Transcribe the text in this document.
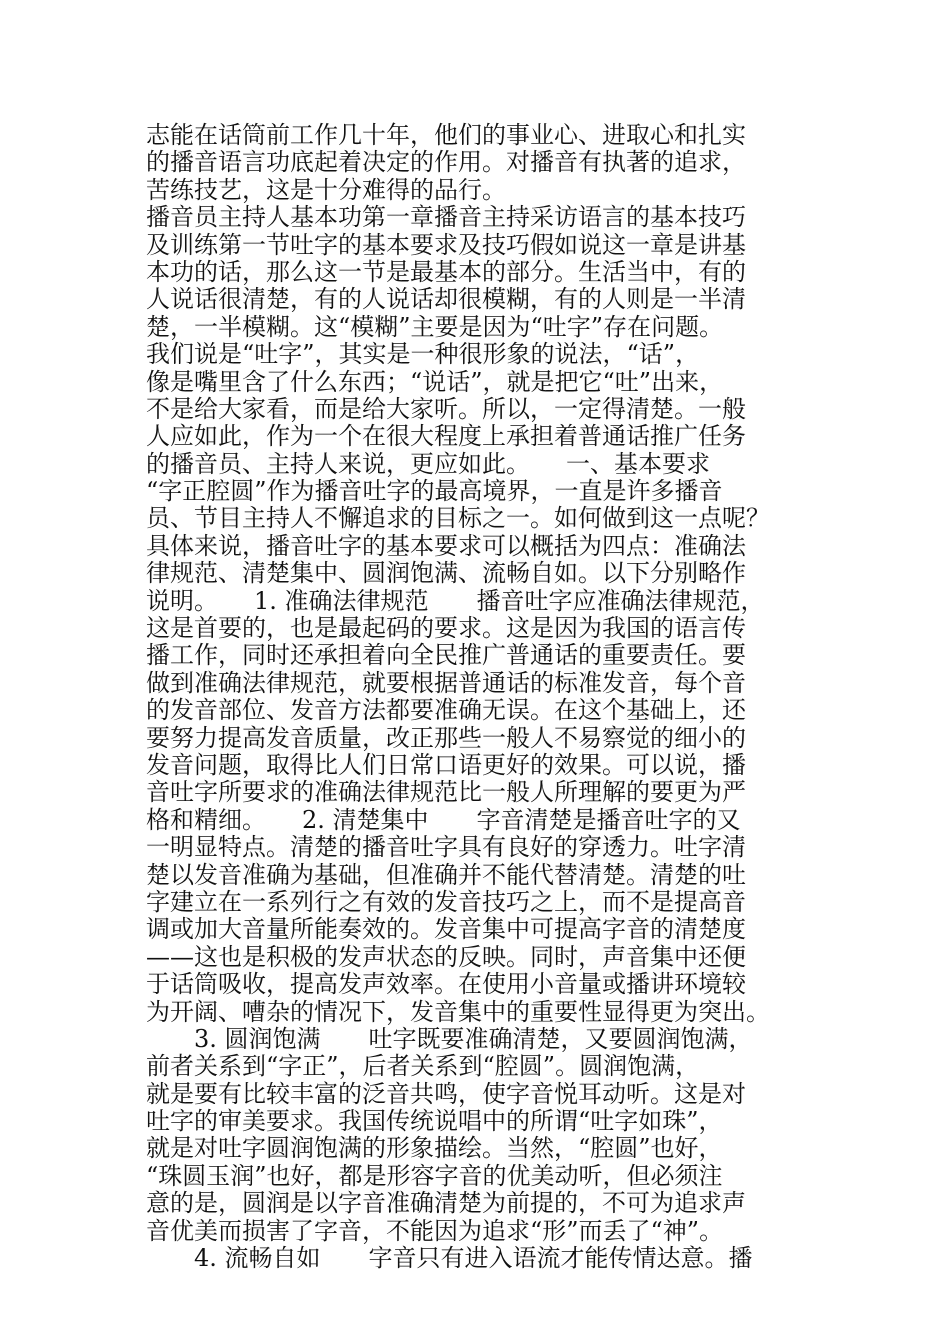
志能在话筒前工作几十年，他们的事业心、进取心和扎实
的播音语言功底起着决定的作用。对播音有执著的追求，
苦练技艺，这是十分难得的品行。
播音员主持人基本功第一章播音主持采访语言的基本技巧
及训练第一节吐字的基本要求及技巧假如说这一章是讲基
本功的话，那么这一节是最基本的部分。生活当中，有的
人说话很清楚，有的人说话却很模糊，有的人则是一半清
楚，一半模糊。这“模糊”主要是因为“吐字”存在问题。
我们说是“吐字”，其实是一种很形象的说法，“话”，
像是嘴里含了什么东西；“说话”，就是把它“吐”出来，
不是给大家看，而是给大家听。所以，一定得清楚。一般
人应如此，作为一个在很大程度上承担着普通话推广任务
的播音员、主持人来说，更应如此。　　一、基本要求
“字正腔圆”作为播音吐字的最高境界，一直是许多播音
员、节目主持人不懈追求的目标之一。如何做到这一点呢？
具体来说，播音吐字的基本要求可以概括为四点：准确法
律规范、清楚集中、圆润饱满、流畅自如。以下分别略作
说明。　　1. 准确法律规范　　播音吐字应准确法律规范，
这是首要的，也是最起码的要求。这是因为我国的语言传
播工作，同时还承担着向全民推广普通话的重要责任。要
做到准确法律规范，就要根据普通话的标准发音，每个音
的发音部位、发音方法都要准确无误。在这个基础上，还
要努力提高发音质量，改正那些一般人不易察觉的细小的
发音问题，取得比人们日常口语更好的效果。可以说，播
音吐字所要求的准确法律规范比一般人所理解的要更为严
格和精细。　　2. 清楚集中　　字音清楚是播音吐字的又
一明显特点。清楚的播音吐字具有良好的穿透力。吐字清
楚以发音准确为基础，但准确并不能代替清楚。清楚的吐
字建立在一系列行之有效的发音技巧之上，而不是提高音
调或加大音量所能奏效的。发音集中可提高字音的清楚度
——这也是积极的发声状态的反映。同时，声音集中还便
于话筒吸收，提高发声效率。在使用小音量或播讲环境较
为开阔、嘈杂的情况下，发音集中的重要性显得更为突出。
　　3. 圆润饱满　　吐字既要准确清楚，又要圆润饱满，
前者关系到“字正”，后者关系到“腔圆”。圆润饱满，
就是要有比较丰富的泛音共鸣，使字音悦耳动听。这是对
吐字的审美要求。我国传统说唱中的所谓“吐字如珠”，
就是对吐字圆润饱满的形象描绘。当然，“腔圆”也好，
“珠圆玉润”也好，都是形容字音的优美动听，但必须注
意的是，圆润是以字音准确清楚为前提的，不可为追求声
音优美而损害了字音，不能因为追求“形”而丢了“神”。
　　4. 流畅自如　　字音只有进入语流才能传情达意。播
